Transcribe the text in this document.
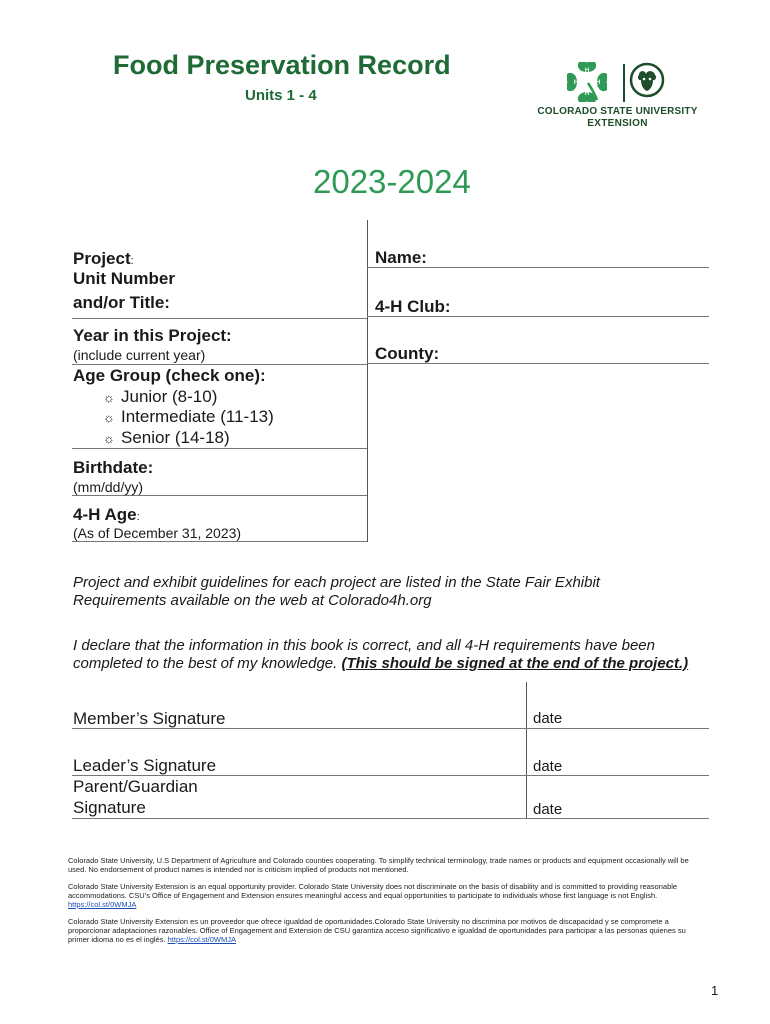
Food Preservation Record
Units 1 - 4
2023-2024
H
H
H
H
COLORADO STATE UNIVERSITY
EXTENSION
Project:
Unit Number
and/or Title:
Year in this Project:
(include current year)
Age Group (check one):
☼ Junior (8-10)
☼ Intermediate (11-13)
☼ Senior (14-18)
Birthdate:
(mm/dd/yy)
4-H Age:
(As of December 31, 2023)
Name:
4-H Club:
County:
Project and exhibit guidelines for each project are listed in the State Fair Exhibit
Requirements available on the web at Colorado4h.org
I declare that the information in this book is correct, and all 4-H requirements have been
completed to the best of my knowledge. (This should be signed at the end of the project.)
Member’s Signature	date
Leader’s Signature	date
Parent/Guardian
Signature	date
Colorado State University, U.S Department of Agriculture and Colorado counties cooperating. To simplify technical terminology, trade names or products and equipment occasionally will be used. No endorsement of product names is intended nor is criticism implied of products not mentioned.
Colorado State University Extension is an equal opportunity provider. Colorado State University does not discriminate on the basis of disability and is committed to providing reasonable accommodations. CSU’s Office of Engagement and Extension ensures meaningful access and equal opportunities to participate to individuals whose first language is not English.
https://col.st/0WMJA
Colorado State University Extension es un proveedor que ofrece igualdad de oportunidades.Colorado State University no discrimina por motivos de discapacidad y se compromete a proporcionar adaptaciones razonables. Office of Engagement and Extension de CSU garantiza acceso significativo e igualdad de oportunidades para participar a las personas quienes su primer idioma no es el inglés. https://col.st/0WMJA
1
